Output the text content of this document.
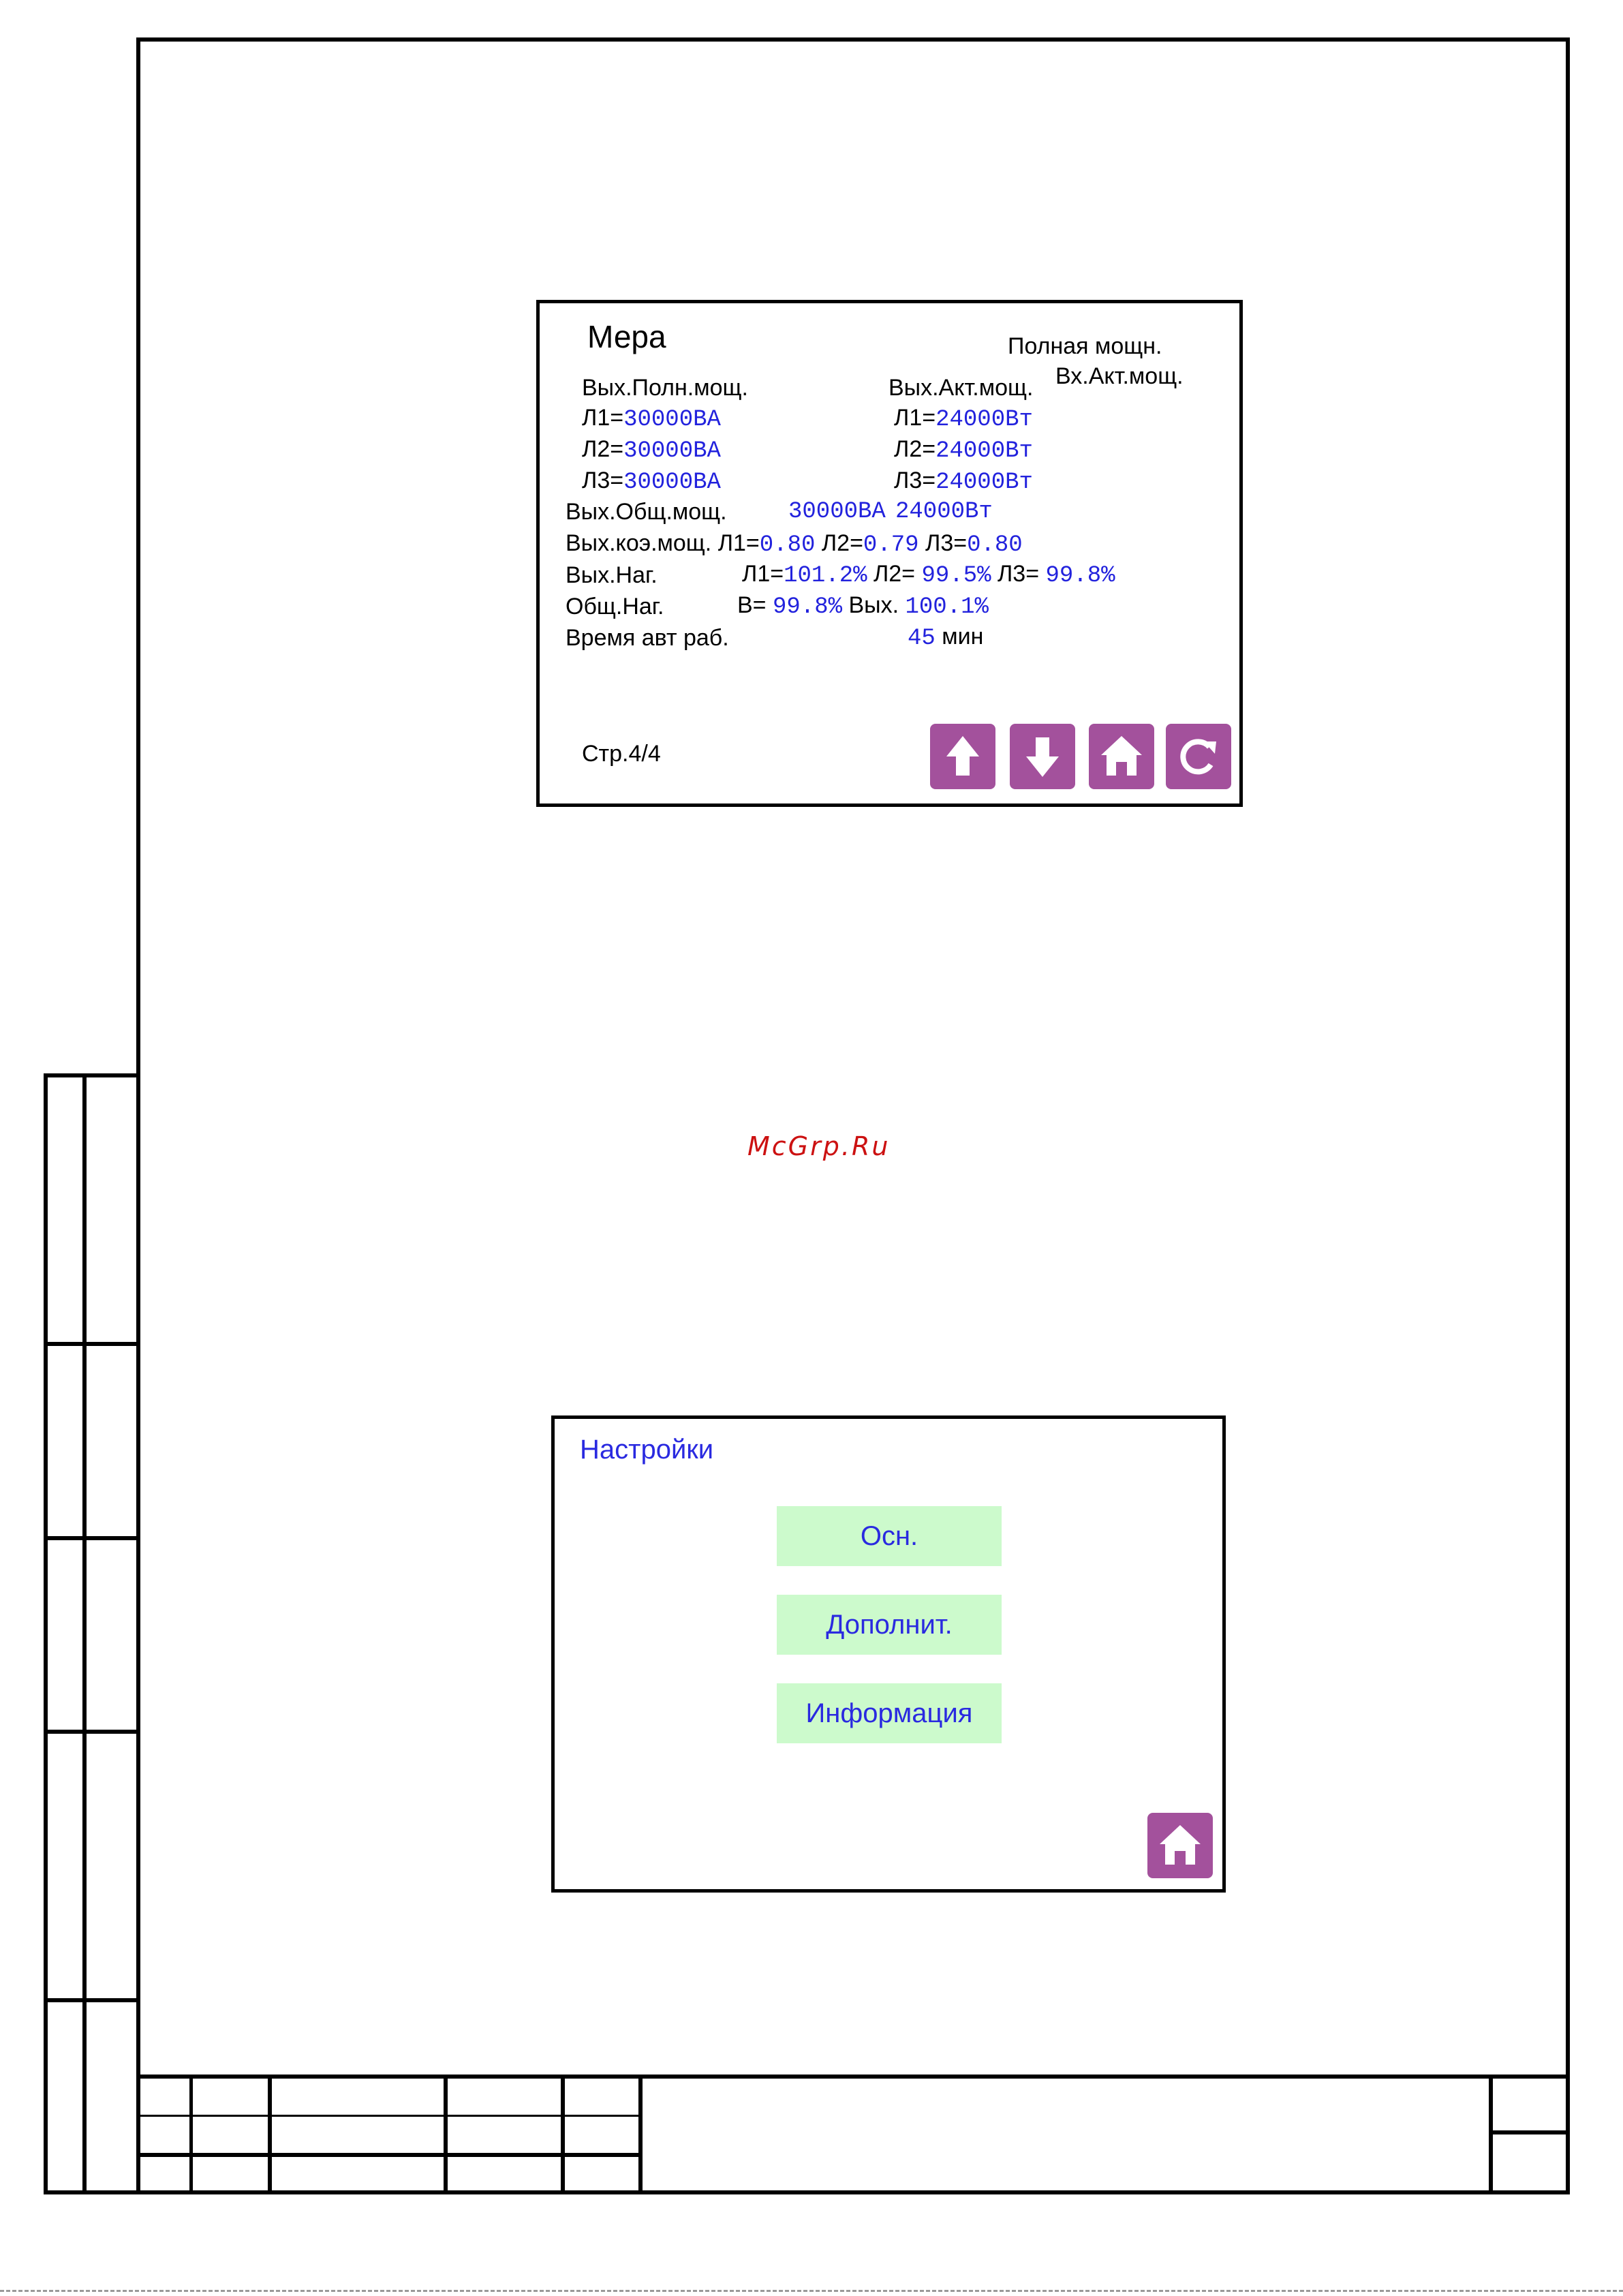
Мера	Полная мощн.
Вх.Акт.мощ.
Вых.Полн.мощ.	Вых.Акт.мощ.
Л1=30000ВА	Л1=24000Вт
Л2=30000ВА	Л2=24000Вт
Л3=30000ВА	Л3=24000Вт
Вых.Общ.мощ.	30000ВА 24000Вт
Вых.коэ.мощ. Л1=0.80 Л2=0.79 Л3=0.80
Вых.Наг.	Л1=101.2% Л2= 99.5% Л3= 99.8%
Общ.Наг.	В= 99.8% Вых. 100.1%
Время авт раб.	45 мин
Стр.4/4
McGrp.Ru
Настройки
Осн.
Дополнит.
Информация
